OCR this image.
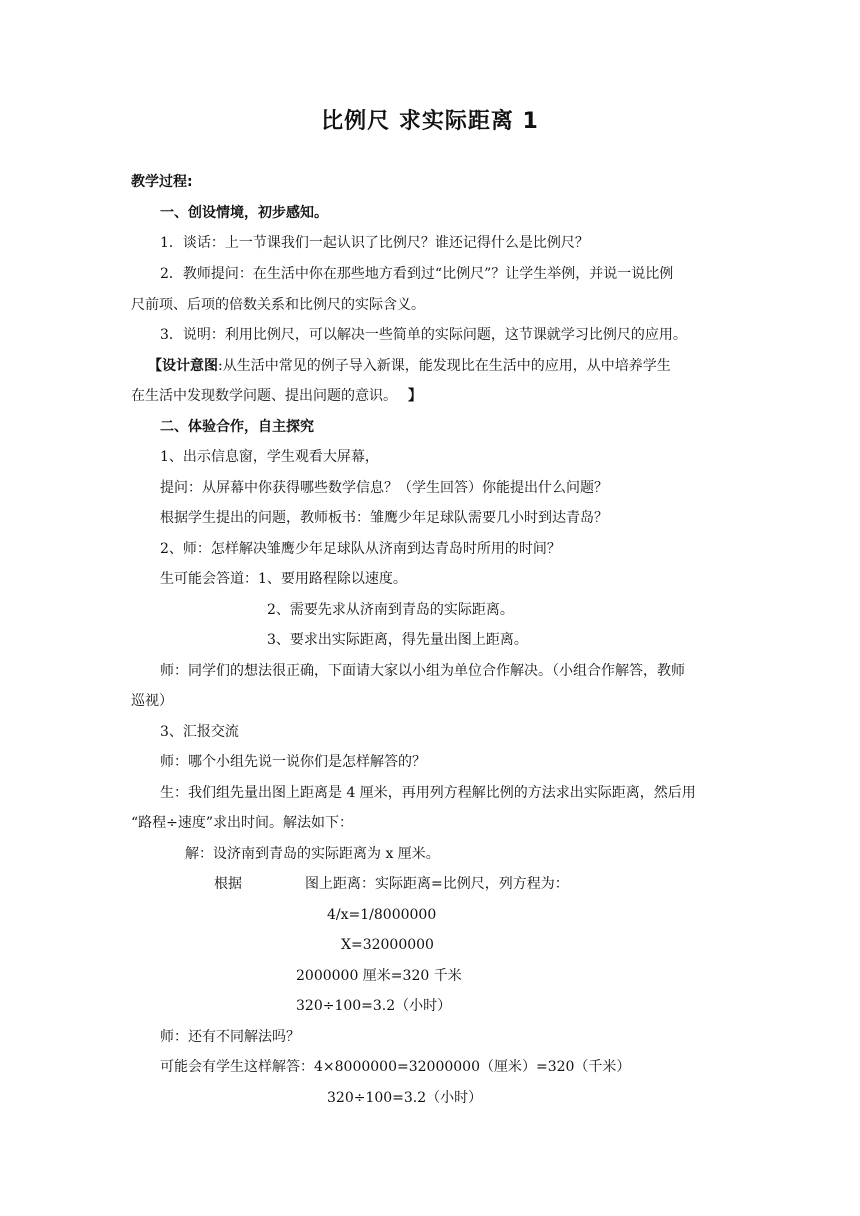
比例尺 求实际距离 1
教学过程:
一、创设情境，初步感知。
1．谈话：上一节课我们一起认识了比例尺？谁还记得什么是比例尺？
2．教师提问：在生活中你在那些地方看到过“比例尺”？让学生举例，并说一说比例
尺前项、后项的倍数关系和比例尺的实际含义。
3．说明：利用比例尺，可以解决一些简单的实际问题，这节课就学习比例尺的应用。
【设计意图:从生活中常见的例子导入新课，能发现比在生活中的应用，从中培养学生
在生活中发现数学问题、提出问题的意识。 】
二、体验合作，自主探究
1、出示信息窗，学生观看大屏幕，
提问：从屏幕中你获得哪些数学信息？（学生回答）你能提出什么问题？
根据学生提出的问题，教师板书：雏鹰少年足球队需要几小时到达青岛？
2、师：怎样解决雏鹰少年足球队从济南到达青岛时所用的时间？
生可能会答道：1、要用路程除以速度。
2、需要先求从济南到青岛的实际距离。
3、要求出实际距离，得先量出图上距离。
师：同学们的想法很正确，下面请大家以小组为单位合作解决。（小组合作解答，教师
巡视）
3、汇报交流
师：哪个小组先说一说你们是怎样解答的？
生：我们组先量出图上距离是 4 厘米，再用列方程解比例的方法求出实际距离，然后用
“路程÷速度”求出时间。解法如下：
解：设济南到青岛的实际距离为 x 厘米。
根据	图上距离：实际距离=比例尺，列方程为：
4/x=1/8000000
X=32000000
2000000 厘米=320 千米
320÷100=3.2（小时）
师：还有不同解法吗？
可能会有学生这样解答：4×8000000=32000000（厘米）=320（千米）
320÷100=3.2（小时）
